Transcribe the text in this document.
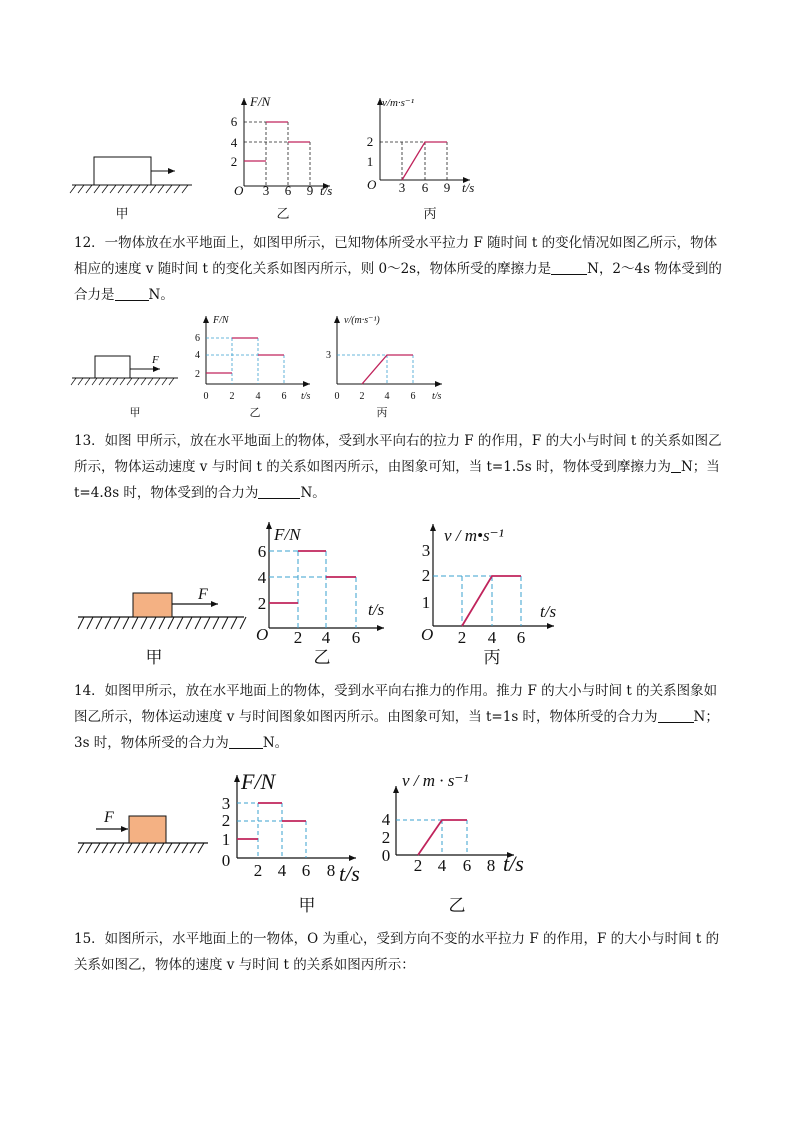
甲
F/N
t/s
O 3 6 9
2
4
6
乙
v/m·s⁻¹
t/s
O 3 6 9
1
2
丙
F
甲
F/N
t/s
0 2 4 6
2
4
6
乙
v/(m·s⁻¹)
t/s
0 2 4 6
3
丙
F
甲
F/N
t/s
O 2 4 6
2
4
6
乙
v / m•s⁻¹
t/s
O 2 4 6
1
2
3
丙
F
F/N
t/s
0
2 4 6 8
1
2
3
甲
v / m · s⁻¹
t/s
0
2 4 6 8
2
4
乙
12．一物体放在水平地面上，如图甲所示，已知物体所受水平拉力 F 随时间 t 的变化情况如图乙所示，物体相应的速度 v 随时间 t 的变化关系如图丙所示，则 0～2s，物体所受的摩擦力是	N，2～4s 物体受到的合力是	N。
13．如图 甲所示，放在水平地面上的物体，受到水平向右的拉力 F 的作用，F 的大小与时间 t 的关系如图乙所示，物体运动速度 v 与时间 t 的关系如图丙所示，由图象可知，当 t=1.5s 时，物体受到摩擦力为 N；当 t=4.8s 时，物体受到的合力为	N。
14．如图甲所示，放在水平地面上的物体，受到水平向右推力的作用。推力 F 的大小与时间 t 的关系图象如图乙所示，物体运动速度 v 与时间图象如图丙所示。由图象可知，当 t=1s 时，物体所受的合力为	N；3s 时，物体所受的合力为	N。
15．如图所示，水平地面上的一物体，O 为重心，受到方向不变的水平拉力 F 的作用，F 的大小与时间 t 的关系如图乙，物体的速度 v 与时间 t 的关系如图丙所示：
